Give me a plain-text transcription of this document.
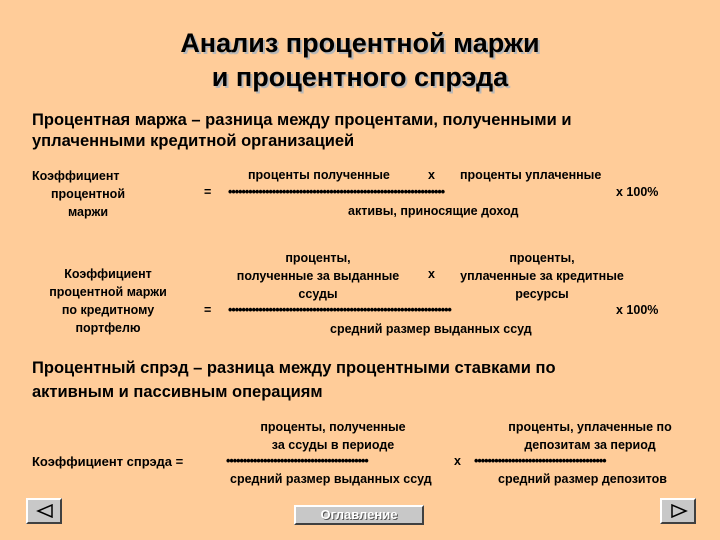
Анализ процентной маржи
и процентного спрэда
Процентная маржа – разница между процентами, полученными и
уплаченными кредитной организацией
Коэффициент
процентной
маржи
проценты полученные	х проценты уплаченные
= ••••••••••••••••••••••••••••••••••••••••••••••••••••••••••••••••	х 100%
активы, приносящие доход
Коэффициент
процентной маржи
по кредитному
портфелю
проценты,
полученные за выданные
ссуды
х
проценты,
уплаченные за кредитные
ресурсы
= ••••••••••••••••••••••••••••••••••••••••••••••••••••••••••••••••••	х 100%
средний размер выданных ссуд
Процентный спрэд – разница между процентными ставками по
активным и пассивным операциям
проценты, полученные
за ссуды в периоде
проценты, уплаченные по
депозитам за период
Коэффициент спрэда =	••••••••••••••••••••••••••••••••••••••••••	х •••••••••••••••••••••••••••••••••••••••
средний размер выданных ссуд	средний размер депозитов
Оглавление
